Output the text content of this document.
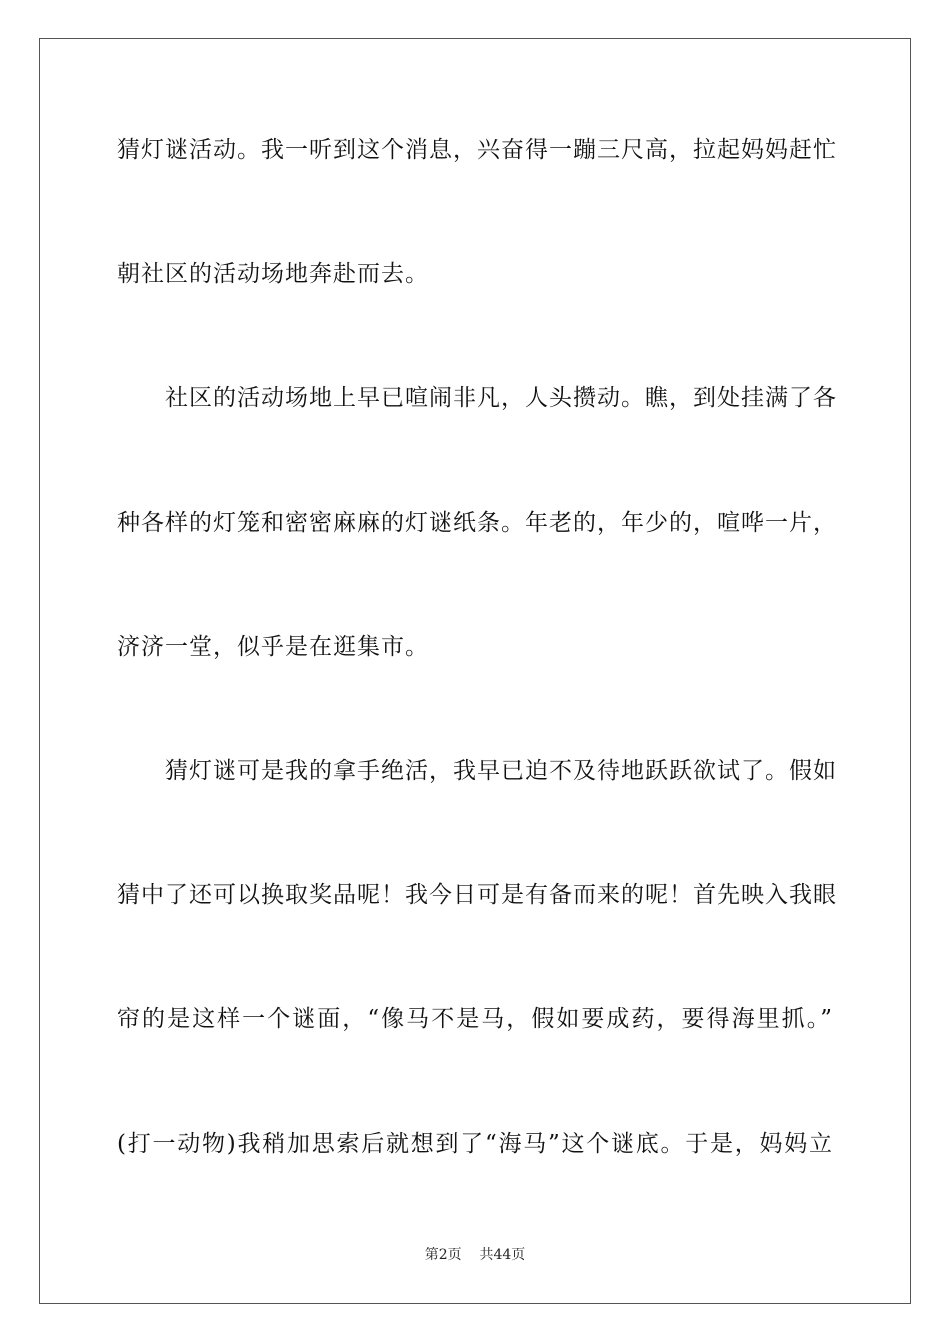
猜灯谜活动。我一听到这个消息，兴奋得一蹦三尺高，拉起妈妈赶忙
朝社区的活动场地奔赴而去。
　　社区的活动场地上早已喧闹非凡，人头攒动。瞧，到处挂满了各
种各样的灯笼和密密麻麻的灯谜纸条。年老的，年少的，喧哗一片，
济济一堂，似乎是在逛集市。
　　猜灯谜可是我的拿手绝活，我早已迫不及待地跃跃欲试了。假如
猜中了还可以换取奖品呢！我今日可是有备而来的呢！首先映入我眼
帘的是这样一个谜面，“像马不是马，假如要成药，要得海里抓。”
(打一动物)我稍加思索后就想到了“海马”这个谜底。于是，妈妈立
第2页 共44页
